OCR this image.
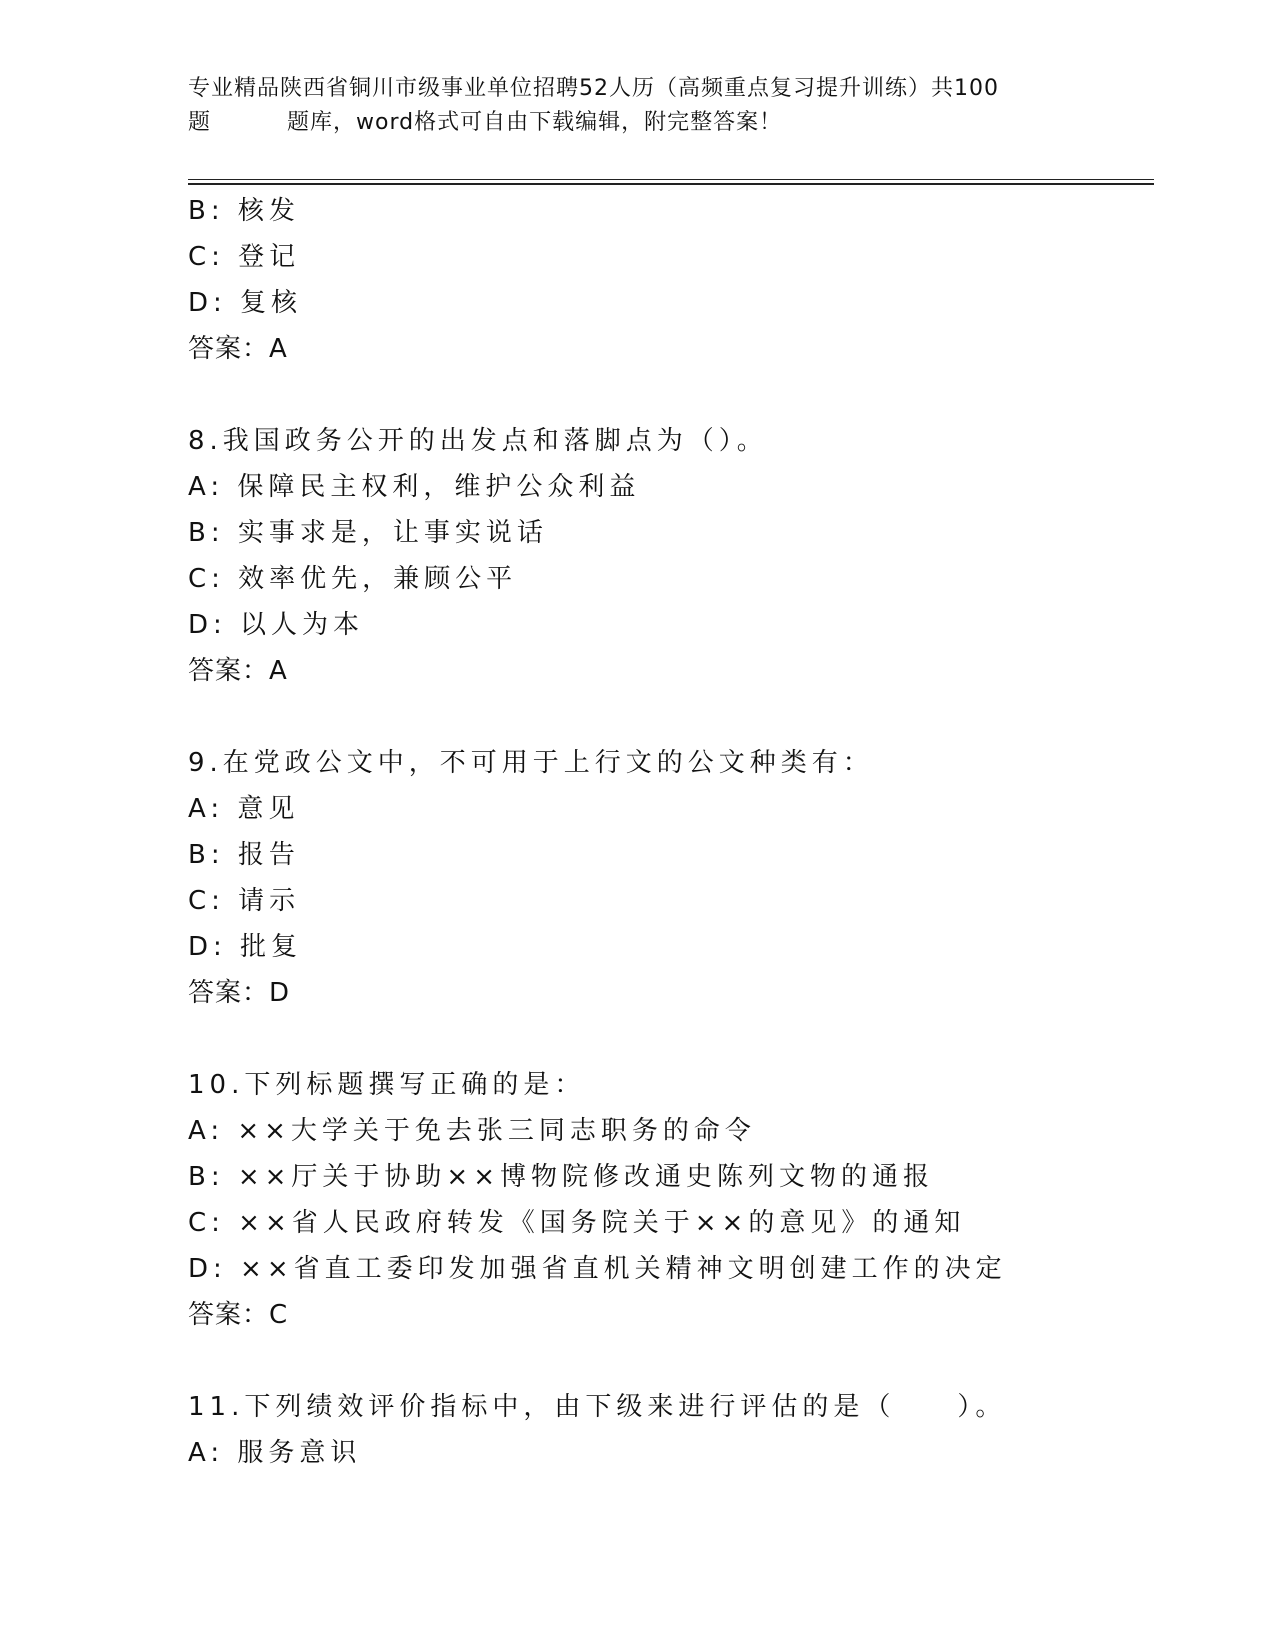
专业精品陕西省铜川市级事业单位招聘52人历（高频重点复习提升训练）共100
题	题库，word格式可自由下载编辑，附完整答案！
B: 核发
C: 登记
D: 复核
答案：A
8.我国政务公开的出发点和落脚点为（）。
A: 保障民主权利，维护公众利益
B: 实事求是，让事实说话
C: 效率优先，兼顾公平
D: 以人为本
答案：A
9.在党政公文中，不可用于上行文的公文种类有：
A: 意见
B: 报告
C: 请示
D: 批复
答案：D
10.下列标题撰写正确的是：
A: ××大学关于免去张三同志职务的命令
B: ××厅关于协助××博物院修改通史陈列文物的通报
C: ××省人民政府转发《国务院关于××的意见》的通知
D: ××省直工委印发加强省直机关精神文明创建工作的决定
答案：C
11.下列绩效评价指标中，由下级来进行评估的是（　　）。
A: 服务意识
